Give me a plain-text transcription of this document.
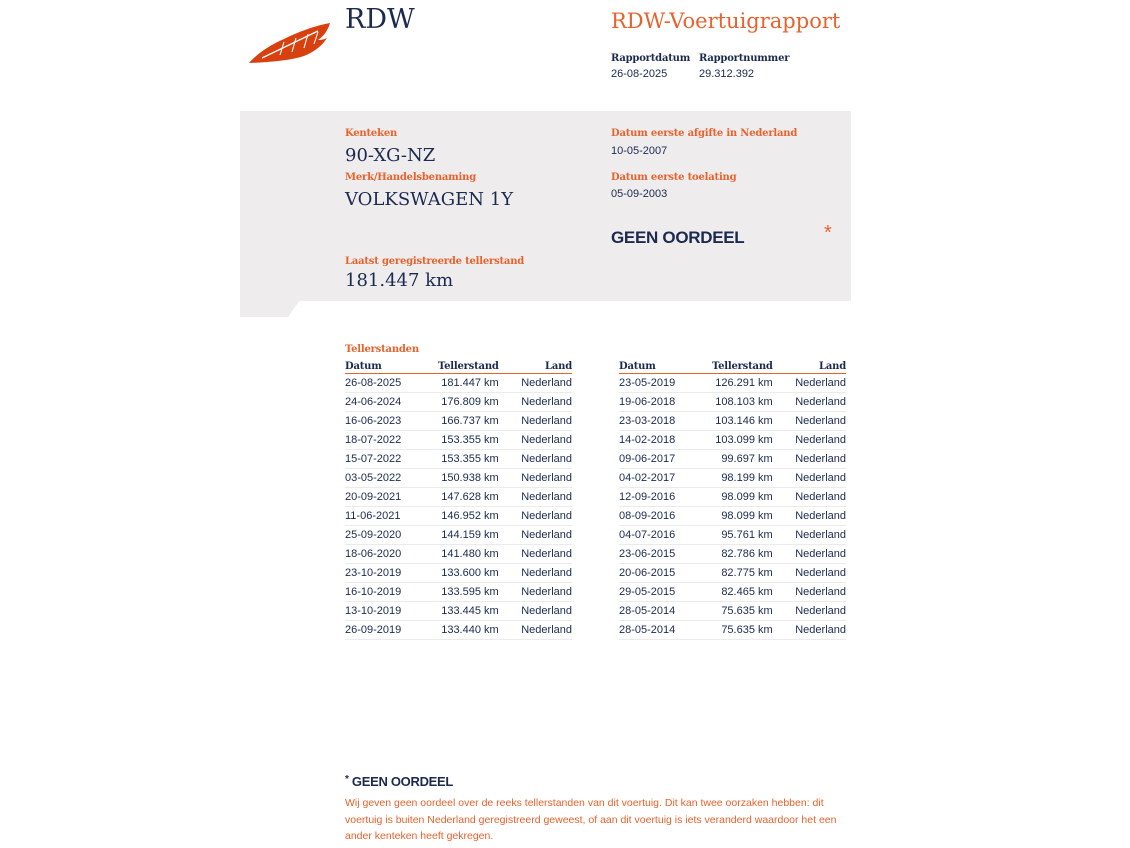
RDW	RDW-Voertuigrapport
Rapportdatum
26-08-2025
Rapportnummer
29.312.392
Kenteken
90-XG-NZ
Merk/Handelsbenaming
VOLKSWAGEN 1Y
Datum eerste afgifte in Nederland
10-05-2007
Datum eerste toelating
05-09-2003
GEEN OORDEEL	*
Laatst geregistreerde tellerstand
181.447 km
Tellerstanden
Datum	Tellerstand	Land
26-08-2025	181.447 km	Nederland
24-06-2024	176.809 km	Nederland
16-06-2023	166.737 km	Nederland
18-07-2022	153.355 km	Nederland
15-07-2022	153.355 km	Nederland
03-05-2022	150.938 km	Nederland
20-09-2021	147.628 km	Nederland
11-06-2021	146.952 km	Nederland
25-09-2020	144.159 km	Nederland
18-06-2020	141.480 km	Nederland
23-10-2019	133.600 km	Nederland
16-10-2019	133.595 km	Nederland
13-10-2019	133.445 km	Nederland
26-09-2019	133.440 km	Nederland
Datum	Tellerstand	Land
23-05-2019	126.291 km	Nederland
19-06-2018	108.103 km	Nederland
23-03-2018	103.146 km	Nederland
14-02-2018	103.099 km	Nederland
09-06-2017	99.697 km	Nederland
04-02-2017	98.199 km	Nederland
12-09-2016	98.099 km	Nederland
08-09-2016	98.099 km	Nederland
04-07-2016	95.761 km	Nederland
23-06-2015	82.786 km	Nederland
20-06-2015	82.775 km	Nederland
29-05-2015	82.465 km	Nederland
28-05-2014	75.635 km	Nederland
28-05-2014	75.635 km	Nederland
* GEEN OORDEEL
Wij geven geen oordeel over de reeks tellerstanden van dit voertuig. Dit kan twee oorzaken hebben: dit
voertuig is buiten Nederland geregistreerd geweest, of aan dit voertuig is iets veranderd waardoor het een
ander kenteken heeft gekregen.
